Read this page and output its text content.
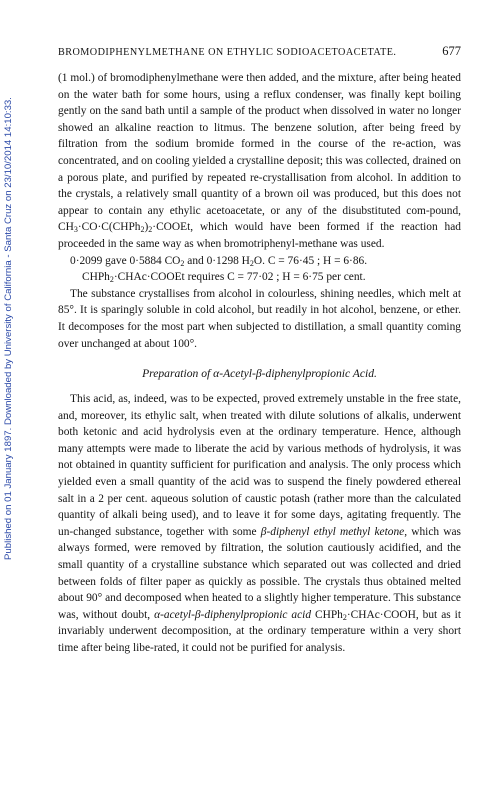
Published on 01 January 1897. Downloaded by University of California - Santa Cruz on 23/10/2014 14:10:33.
BROMODIPHENYLMETHANE ON ETHYLIC SODIOACETOACETATE.	677

(1 mol.) of bromodiphenylmethane were then added, and the mixture, after being heated on the water bath for some hours, using a reflux condenser, was finally kept boiling gently on the sand bath until a sample of the product when dissolved in water no longer showed an alkaline reaction to litmus. The benzene solution, after being freed by filtration from the sodium bromide formed in the course of the re-action, was concentrated, and on cooling yielded a crystalline deposit; this was collected, drained on a porous plate, and purified by repeated re-crystallisation from alcohol. In addition to the crystals, a relatively small quantity of a brown oil was produced, but this does not appear to contain any ethylic acetoacetate, or any of the disubstituted com-pound, $CH_3\cdot CO\cdot C(CHPh_2)_2\cdot COOEt$, which would have been formed if the reaction had proceeded in the same way as when bromotriphenyl-methane was used.

0·2099 gave 0·5884 $CO_2$ and 0·1298 $H_2O$. C = 76·45 ; H = 6·86.
CHPh$_2$·CHAc·COOEt requires C = 77·02 ; H = 6·75 per cent.

The substance crystallises from alcohol in colourless, shining needles, which melt at 85°. It is sparingly soluble in cold alcohol, but readily in hot alcohol, benzene, or ether. It decomposes for the most part when subjected to distillation, a small quantity coming over unchanged at about 100°.

Preparation of α-Acetyl-β-diphenylpropionic Acid.

This acid, as, indeed, was to be expected, proved extremely unstable in the free state, and, moreover, its ethylic salt, when treated with dilute solutions of alkalis, underwent both ketonic and acid hydrolysis even at the ordinary temperature. Hence, although many attempts were made to liberate the acid by various methods of hydrolysis, it was not obtained in quantity sufficient for purification and analysis. The only process which yielded even a small quantity of the acid was to suspend the finely powdered ethereal salt in a 2 per cent. aqueous solution of caustic potash (rather more than the calculated quantity of alkali being used), and to leave it for some days, agitating frequently. The un-changed substance, together with some β-diphenyl ethyl methyl ketone, which was always formed, were removed by filtration, the solution cautiously acidified, and the small quantity of a crystalline substance which separated out was collected and dried between folds of filter paper as quickly as possible. The crystals thus obtained melted about 90° and decomposed when heated to a slightly higher temperature. This substance was, without doubt, α-acetyl-β-diphenylpropionic acid CHPh$_2$·CHAc·COOH, but as it invariably underwent decomposition, at the ordinary temperature within a very short time after being libe-rated, it could not be purified for analysis.
